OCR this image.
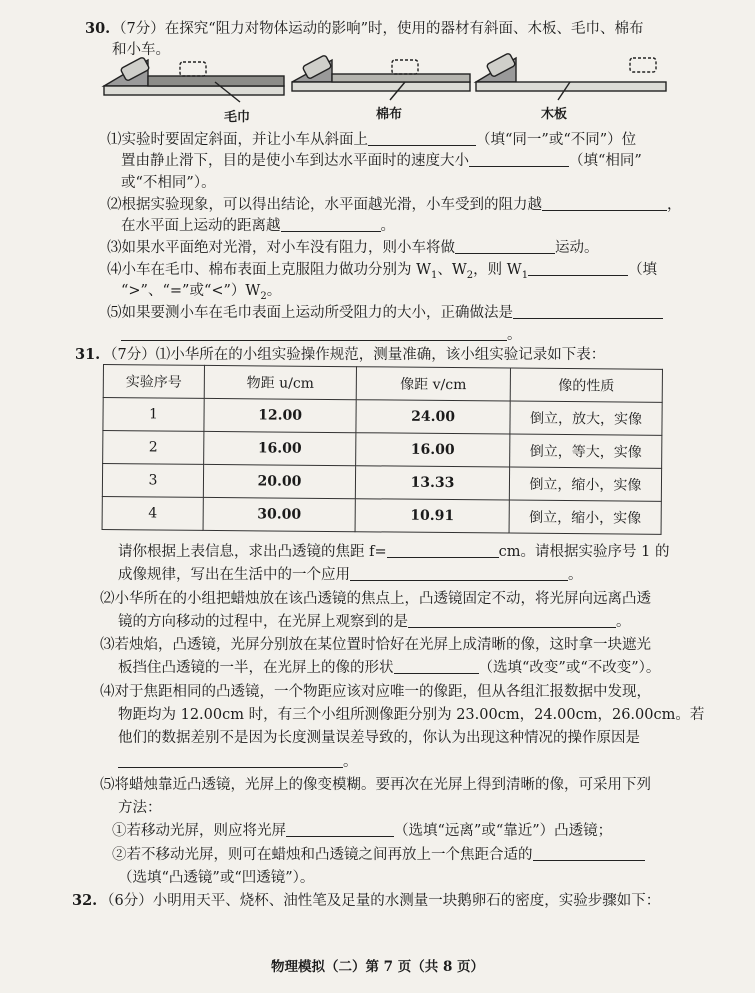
30. （7分）在探究“阻力对物体运动的影响”时，使用的器材有斜面、木板、毛巾、棉布
和小车。
毛巾	棉布	木板
⑴实验时要固定斜面，并让小车从斜面上	（填“同一”或“不同”）位
置由静止滑下，目的是使小车到达水平面时的速度大小	（填“相同”
或“不相同”）。
⑵根据实验现象，可以得出结论，水平面越光滑，小车受到的阻力越	，
在水平面上运动的距离越	。
⑶如果水平面绝对光滑，对小车没有阻力，则小车将做	运动。
⑷小车在毛巾、棉布表面上克服阻力做功分别为 $W_1$、$W_2$，则 $W_1$	（填
“>”、“=”或“$<”)W_2$。
⑸如果要测小车在毛巾表面上运动所受阻力的大小，正确做法是
。
31. （7分）⑴小华所在的小组实验操作规范，测量准确，该小组实验记录如下表：
实验序号	物距 u/cm	像距 v/cm	像的性质
1	12.00	24.00	倒立，放大，实像
2	16.00	16.00	倒立，等大，实像
3	20.00	13.33	倒立，缩小，实像
4	30.00	10.91	倒立，缩小，实像
请你根据上表信息，求出凸透镜的焦距 f=	cm。请根据实验序号 1 的
成像规律，写出在生活中的一个应用	。
⑵小华所在的小组把蜡烛放在该凸透镜的焦点上，凸透镜固定不动，将光屏向远离凸透
镜的方向移动的过程中，在光屏上观察到的是	。
⑶若烛焰，凸透镜，光屏分别放在某位置时恰好在光屏上成清晰的像，这时拿一块遮光
板挡住凸透镜的一半，在光屏上的像的形状	（选填“改变”或“不改变”）。
⑷对于焦距相同的凸透镜，一个物距应该对应唯一的像距，但从各组汇报数据中发现，
物距均为 12.00cm 时，有三个小组所测像距分别为 23.00cm，24.00cm，26.00cm。若
他们的数据差别不是因为长度测量误差导致的，你认为出现这种情况的操作原因是
。
⑸将蜡烛靠近凸透镜，光屏上的像变模糊。要再次在光屏上得到清晰的像，可采用下列
方法：
①若移动光屏，则应将光屏	（选填“远离”或“靠近”）凸透镜；
②若不移动光屏，则可在蜡烛和凸透镜之间再放上一个焦距合适的
（选填“凸透镜”或“凹透镜”）。
32. （6分）小明用天平、烧杯、油性笔及足量的水测量一块鹅卵石的密度，实验步骤如下：
物理模拟（二）第 7 页（共 8 页）
